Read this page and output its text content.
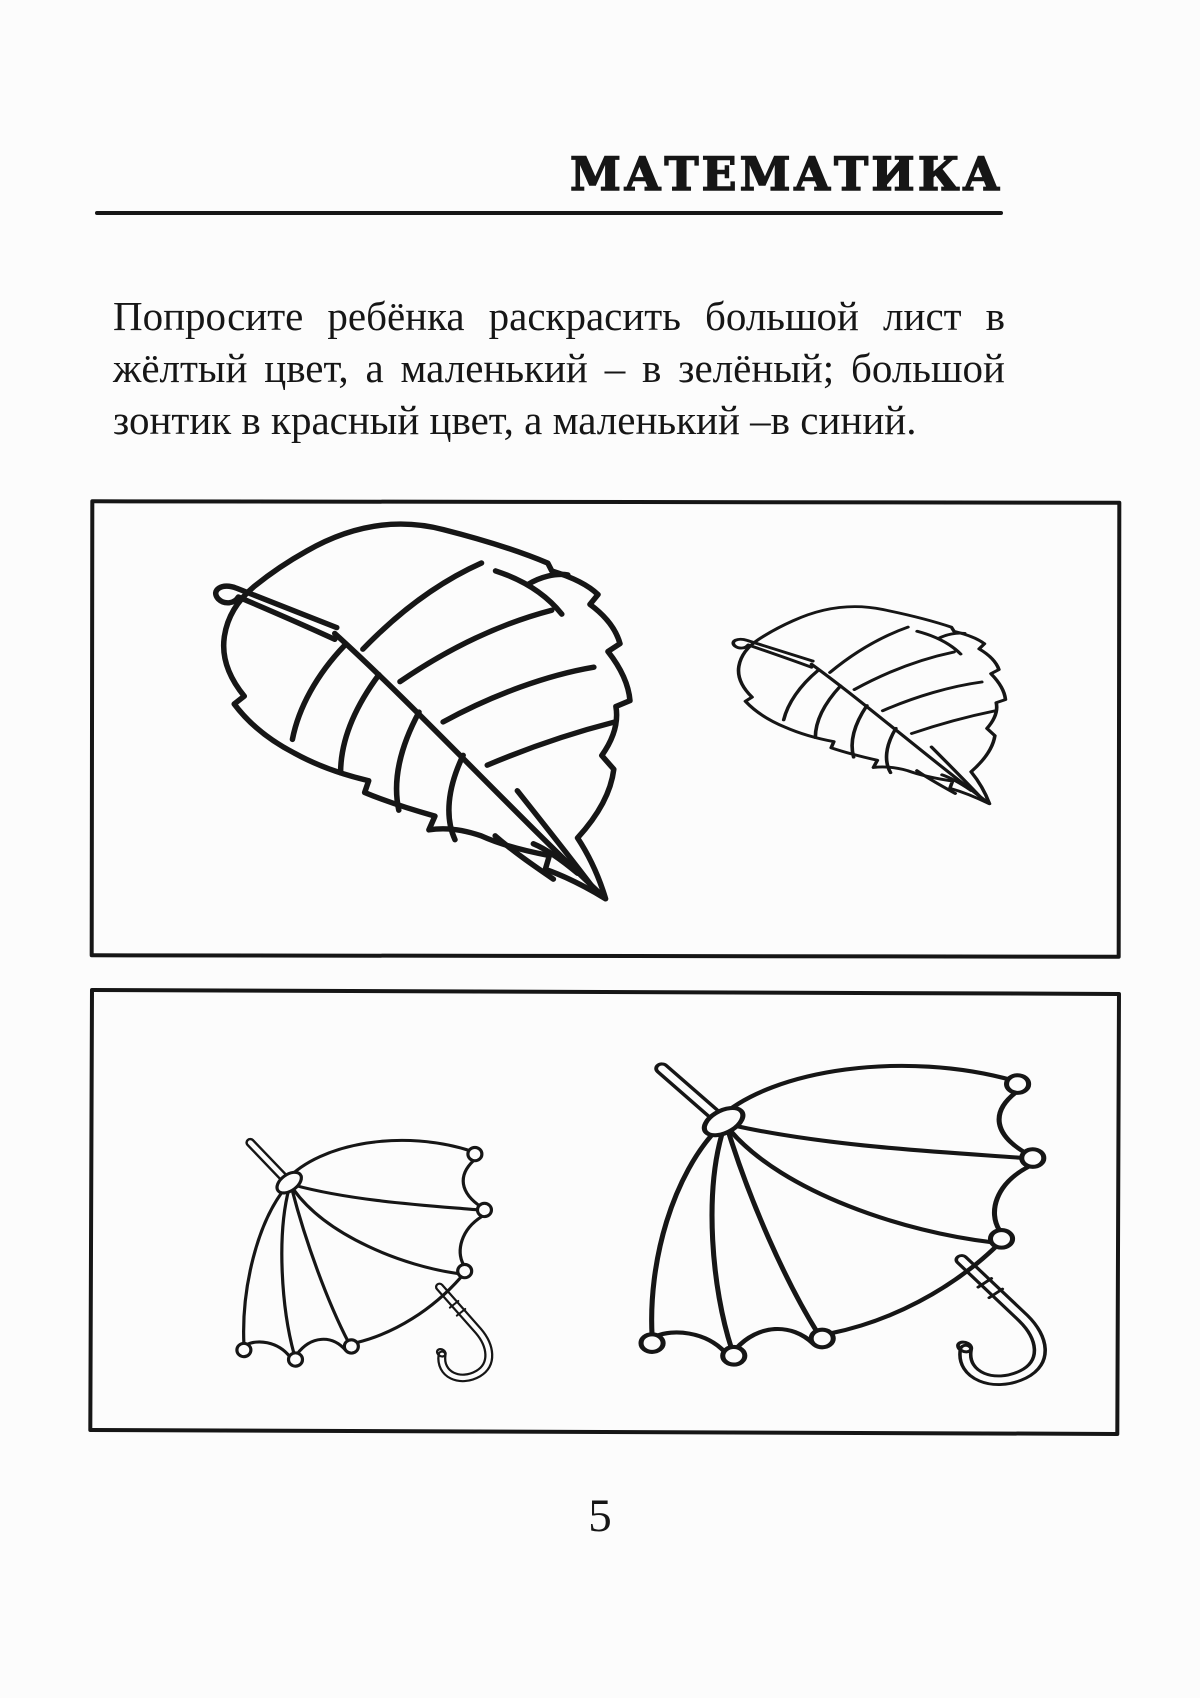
МАТЕМАТИКА

Попросите ребёнка раскрасить большой лист в
жёлтый цвет, а маленький – в зелёный; большой
зонтик в красный цвет, а маленький –в синий.

5
